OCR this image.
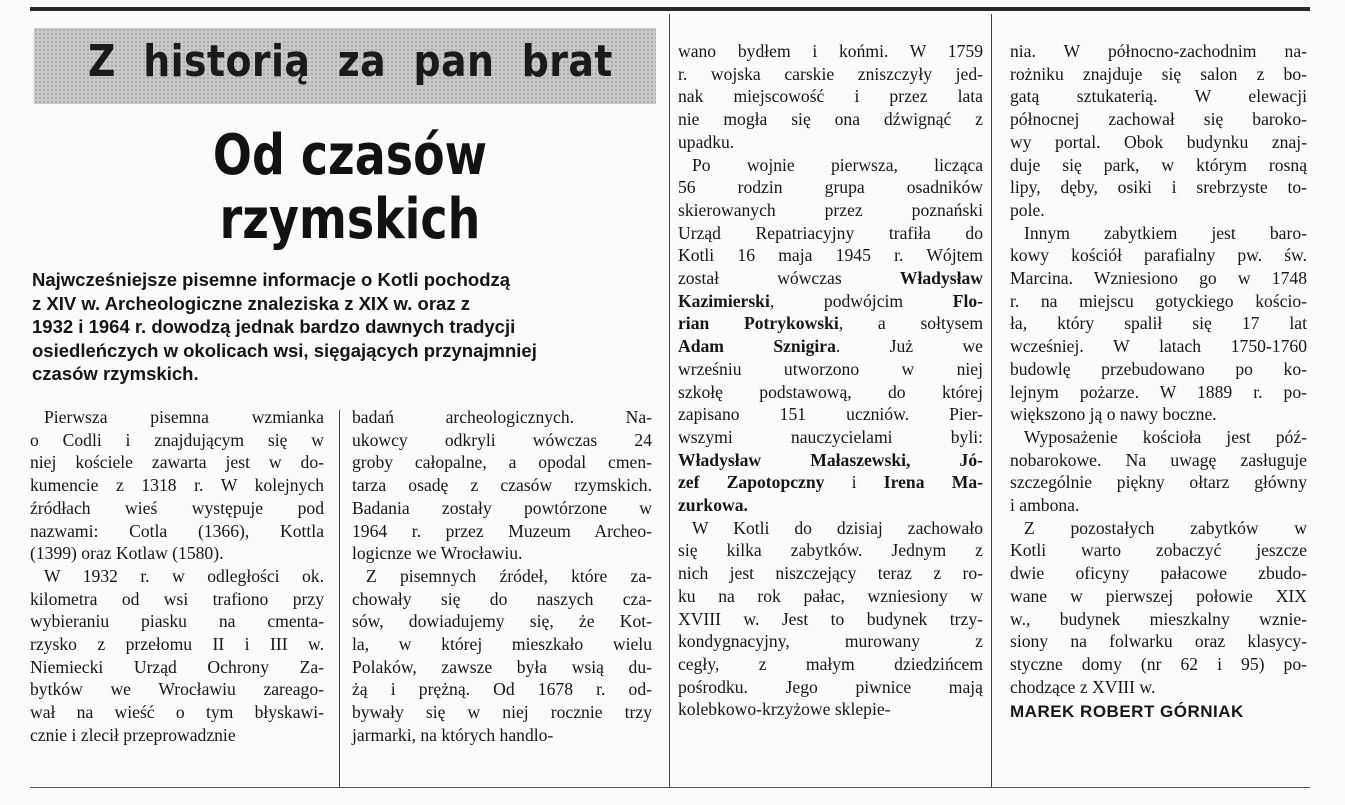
Z historią za pan brat
Od czasów
rzymskich

Najwcześniejsze pisemne informacje o Kotli pochodzą
z XIV w. Archeologiczne znaleziska z XIX w. oraz z
1932 i 1964 r. dowodzą jednak bardzo dawnych tradycji
osiedleńczych w okolicach wsi, sięgających przynajmniej
czasów rzymskich.

Pierwsza pisemna wzmianka
o Codli i znajdującym się w
niej kościele zawarta jest w do-
kumencie z 1318 r. W kolejnych
źródłach wieś występuje pod
nazwami: Cotla (1366), Kottla
(1399) oraz Kotlaw (1580).
W 1932 r. w odległości ok.
kilometra od wsi trafiono przy
wybieraniu piasku na cmenta-
rzysko z przełomu II i III w.
Niemiecki Urząd Ochrony Za-
bytków we Wrocławiu zareago-
wał na wieść o tym błyskawi-
cznie i zlecił przeprowadznie
badań archeologicznych. Na-
ukowcy odkryli wówczas 24
groby całopalne, a opodal cmen-
tarza osadę z czasów rzymskich.
Badania zostały powtórzone w
1964 r. przez Muzeum Archeo-
logicnze we Wrocławiu.
Z pisemnych źródeł, które za-
chowały się do naszych cza-
sów, dowiadujemy się, że Kot-
la, w której mieszkało wielu
Polaków, zawsze była wsią du-
żą i prężną. Od 1678 r. od-
bywały się w niej rocznie trzy
jarmarki, na których handlo-
wano bydłem i końmi. W 1759
r. wojska carskie zniszczyły jed-
nak miejscowość i przez lata
nie mogła się ona dźwignąć z
upadku.
Po wojnie pierwsza, licząca
56 rodzin grupa osadników
skierowanych przez poznański
Urząd Repatriacyjny trafiła do
Kotli 16 maja 1945 r. Wójtem
został wówczas Władysław
Kazimierski, podwójcim Flo-
rian Potrykowski, a sołtysem
Adam Sznigira. Już we
wrześniu utworzono w niej
szkołę podstawową, do której
zapisano 151 uczniów. Pier-
wszymi nauczycielami byli:
Władysław Małaszewski, Jó-
zef Zapotopczny i Irena Ma-
zurkowa.
W Kotli do dzisiaj zachowało
się kilka zabytków. Jednym z
nich jest niszczejący teraz z ro-
ku na rok pałac, wzniesiony w
XVIII w. Jest to budynek trzy-
kondygnacyjny, murowany z
cegły, z małym dziedzińcem
pośrodku. Jego piwnice mają
kolebkowo-krzyżowe sklepie-
nia. W północno-zachodnim na-
rożniku znajduje się salon z bo-
gatą sztukaterią. W elewacji
północnej zachował się baroko-
wy portal. Obok budynku znaj-
duje się park, w którym rosną
lipy, dęby, osiki i srebrzyste to-
pole.
Innym zabytkiem jest baro-
kowy kościół parafialny pw. św.
Marcina. Wzniesiono go w 1748
r. na miejscu gotyckiego kościo-
ła, który spalił się 17 lat
wcześniej. W latach 1750-1760
budowlę przebudowano po ko-
lejnym pożarze. W 1889 r. po-
większono ją o nawy boczne.
Wyposażenie kościoła jest póź-
nobarokowe. Na uwagę zasługuje
szczególnie piękny ołtarz główny
i ambona.
Z pozostałych zabytków w
Kotli warto zobaczyć jeszcze
dwie oficyny pałacowe zbudo-
wane w pierwszej połowie XIX
w., budynek mieszkalny wznie-
siony na folwarku oraz klasycy-
styczne domy (nr 62 i 95) po-
chodzące z XVIII w.
MAREK ROBERT GÓRNIAK
